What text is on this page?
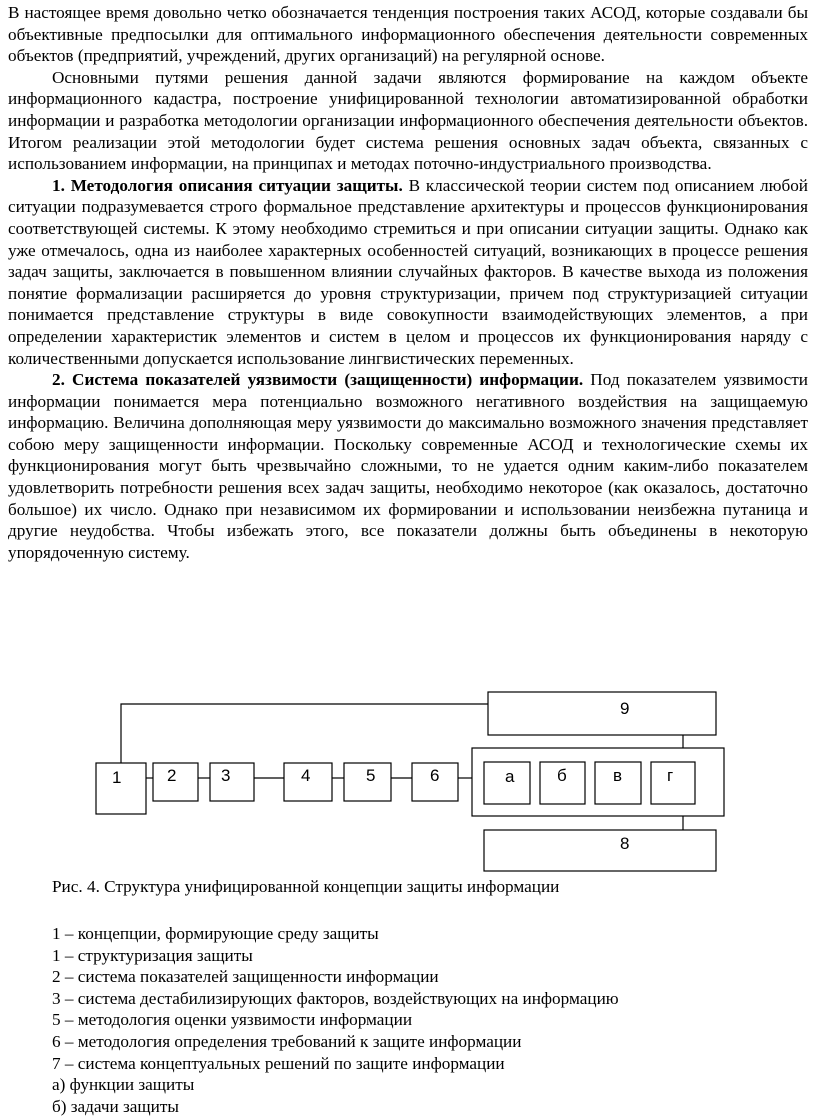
В настоящее время довольно четко обозначается тенденция построения таких АСОД, которые создавали бы объективные предпосылки для оптимального информационного обеспечения деятельности современных объектов (предприятий, учреждений, других организаций) на регулярной основе.

Основными путями решения данной задачи являются формирование на каждом объекте информационного кадастра, построение унифицированной технологии автоматизированной обработки информации и разработка методологии организации информационного обеспечения деятельности объектов. Итогом реализации этой методологии будет система решения основных задач объекта, связанных с использованием информации, на принципах и методах поточно-индустриального производства.

1. Методология описания ситуации защиты. В классической теории систем под описанием любой ситуации подразумевается строго формальное представление архитектуры и процессов функционирования соответствующей системы. К этому необходимо стремиться и при описании ситуации защиты. Однако как уже отмечалось, одна из наиболее характерных особенностей ситуаций, возникающих в процессе решения задач защиты, заключается в повышенном влиянии случайных факторов. В качестве выхода из положения понятие формализации расширяется до уровня структуризации, причем под структуризацией ситуации понимается представление структуры в виде совокупности взаимодействующих элементов, а при определении характеристик элементов и систем в целом и процессов их функционирования наряду с количественными допускается использование лингвистических переменных.

2. Система показателей уязвимости (защищенности) информации. Под показателем уязвимости информации понимается мера потенциально возможного негативного воздействия на защищаемую информацию. Величина дополняющая меру уязвимости до максимально возможного значения представляет собою меру защищенности информации. Поскольку современные АСОД и технологические схемы их функционирования могут быть чрезвычайно сложными, то не удается одним каким-либо показателем удовлетворить потребности решения всех задач защиты, необходимо некоторое (как оказалось, достаточно большое) их число. Однако при независимом их формировании и использовании неизбежна путаница и другие неудобства. Чтобы избежать этого, все показатели должны быть объединены в некоторую упорядоченную систему.

9
1	2	3	4	5	6	а	б	в	г
8
Рис. 4. Структура унифицированной концепции защиты информации
1 – концепции, формирующие среду защиты
1 – структуризация защиты
2 – система показателей защищенности информации
3 – система дестабилизирующих факторов, воздействующих на информацию
5 – методология оценки уязвимости информации
6 – методология определения требований к защите информации
7 – система концептуальных решений по защите информации
а) функции защиты
б) задачи защиты
